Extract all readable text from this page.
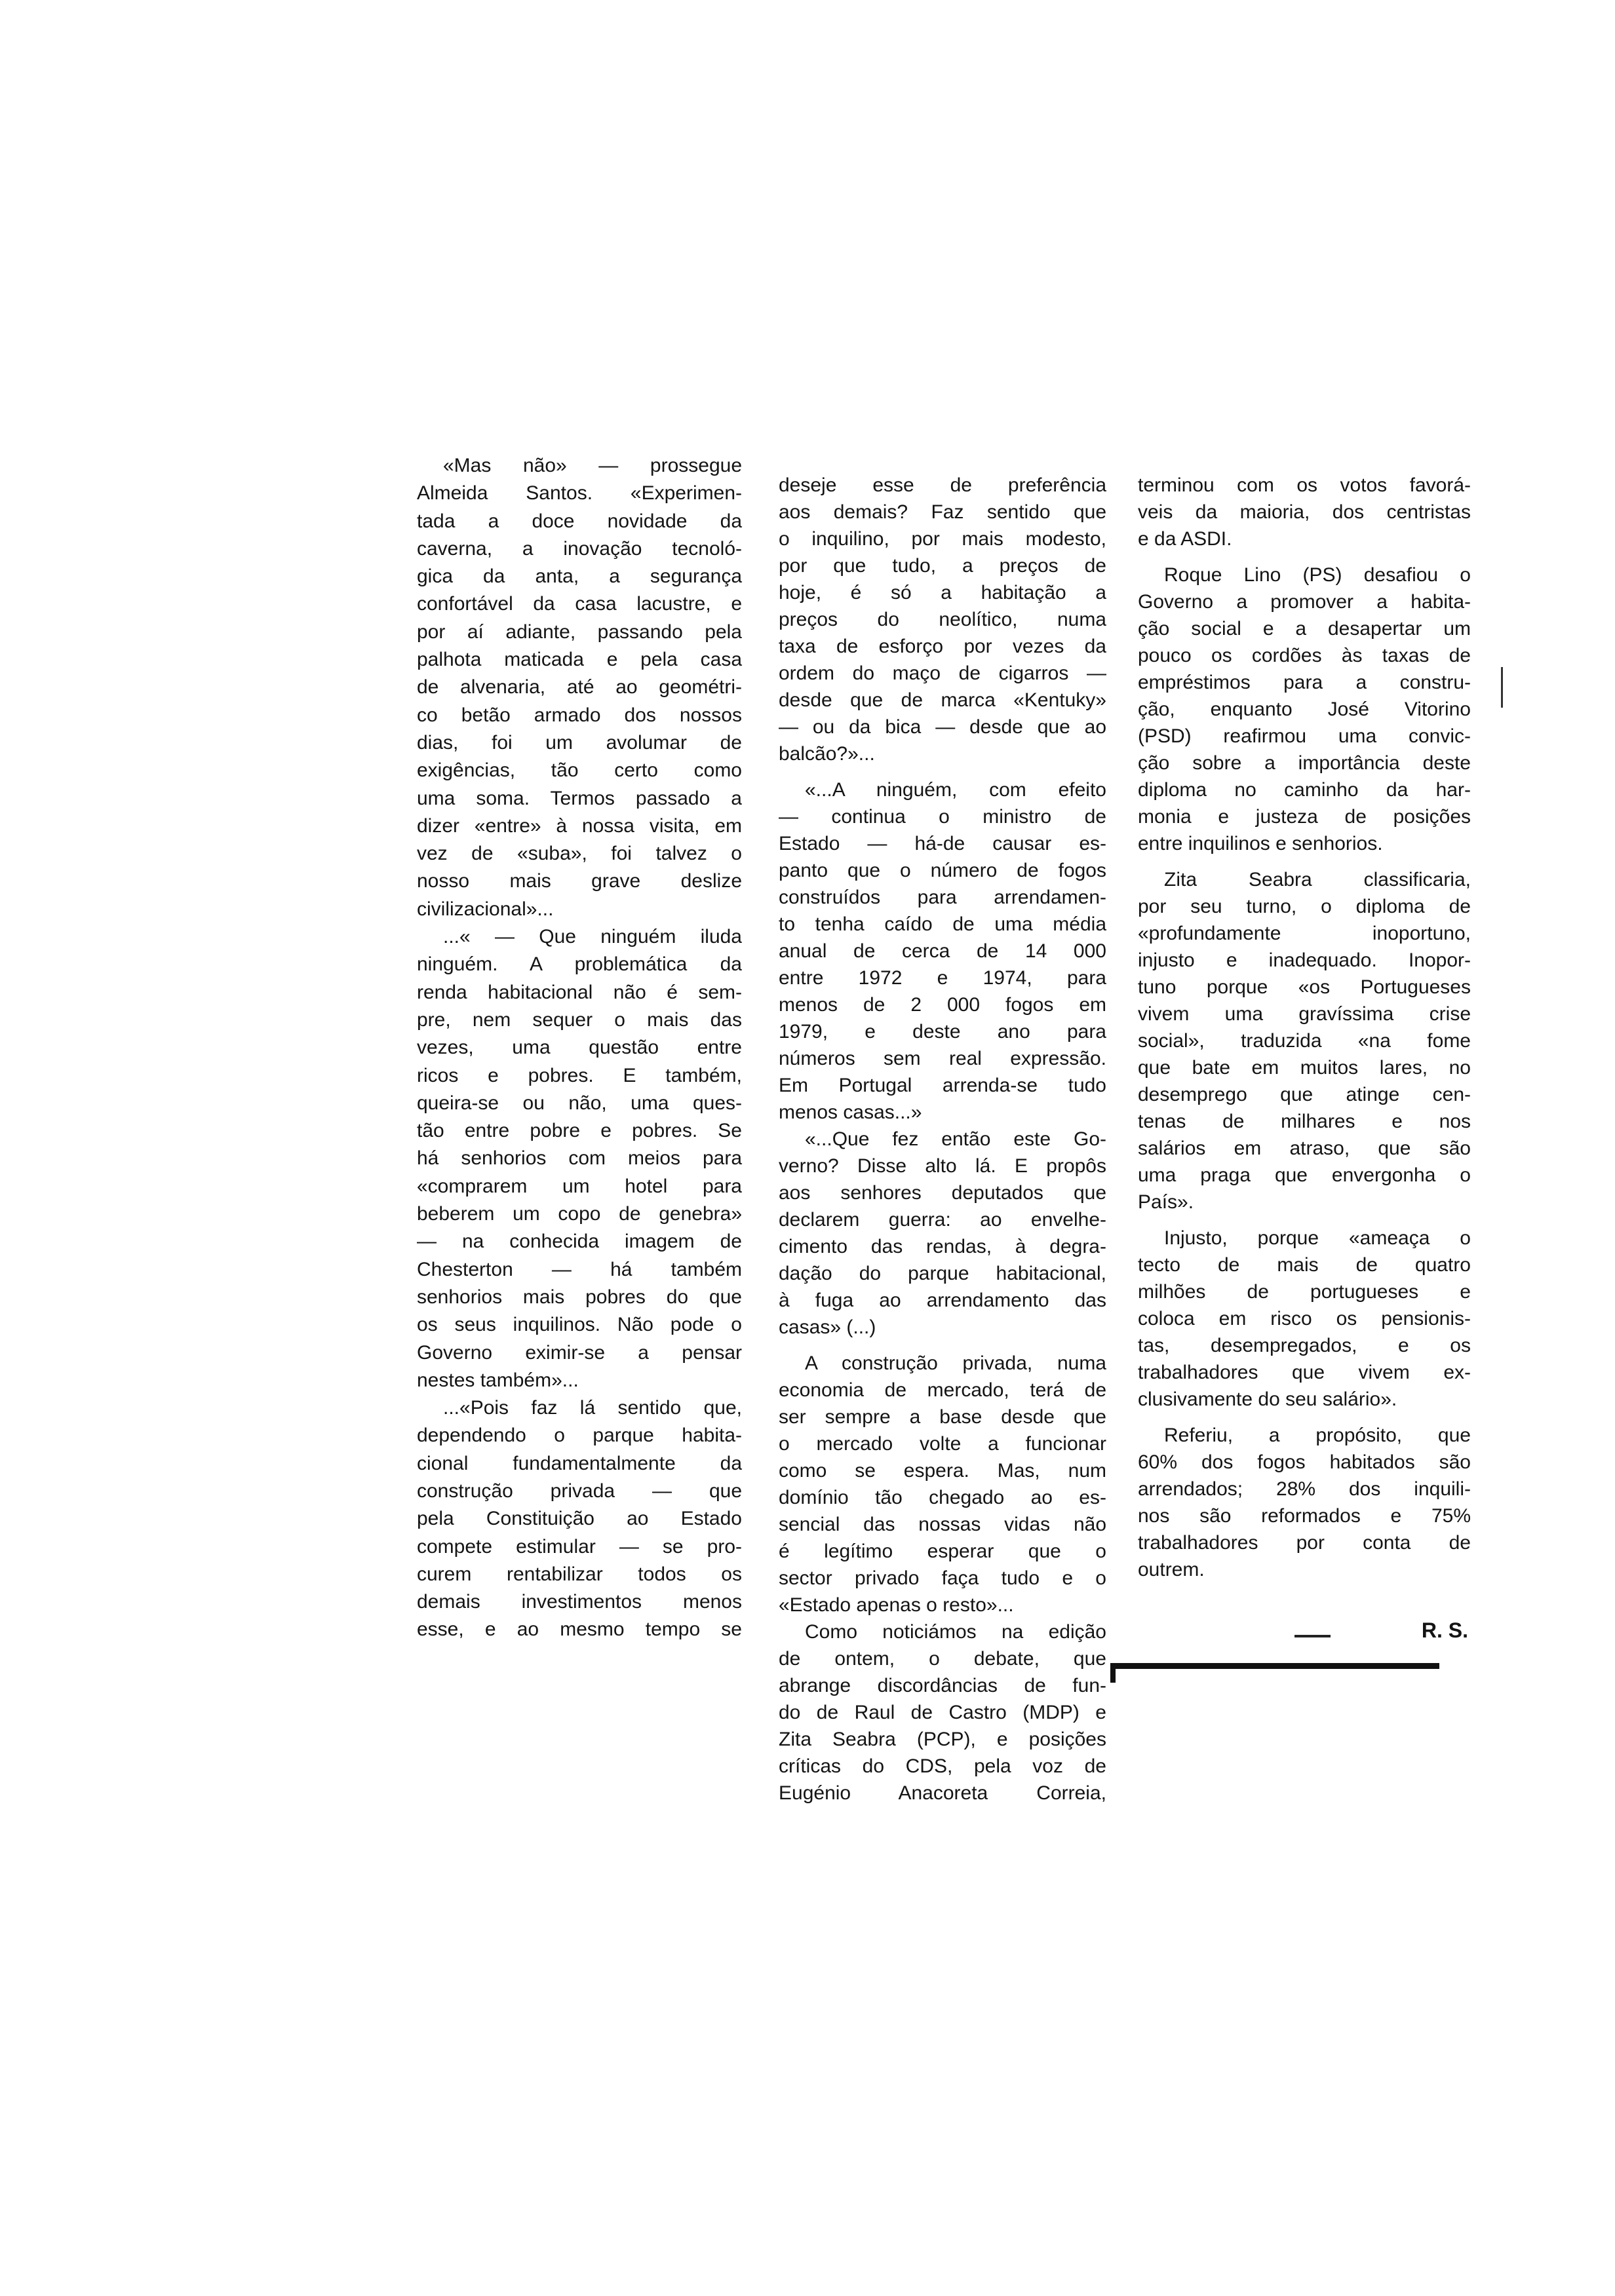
«Mas não» — prossegue
Almeida Santos. «Experimen-
tada a doce novidade da
caverna, a inovação tecnoló-
gica da anta, a segurança
confortável da casa lacustre, e
por aí adiante, passando pela
palhota maticada e pela casa
de alvenaria, até ao geométri-
co betão armado dos nossos
dias, foi um avolumar de
exigências, tão certo como
uma soma. Termos passado a
dizer «entre» à nossa visita, em
vez de «suba», foi talvez o
nosso mais grave deslize
civilizacional»...
...« — Que ninguém iluda
ninguém. A problemática da
renda habitacional não é sem-
pre, nem sequer o mais das
vezes, uma questão entre
ricos e pobres. E também,
queira-se ou não, uma ques-
tão entre pobre e pobres. Se
há senhorios com meios para
«comprarem um hotel para
beberem um copo de genebra»
— na conhecida imagem de
Chesterton — há também
senhorios mais pobres do que
os seus inquilinos. Não pode o
Governo eximir-se a pensar
nestes também»...
...«Pois faz lá sentido que,
dependendo o parque habita-
cional fundamentalmente da
construção privada — que
pela Constituição ao Estado
compete estimular — se pro-
curem rentabilizar todos os
demais investimentos menos
esse, e ao mesmo tempo se
deseje esse de preferência
aos demais? Faz sentido que
o inquilino, por mais modesto,
por que tudo, a preços de
hoje, é só a habitação a
preços do neolítico, numa
taxa de esforço por vezes da
ordem do maço de cigarros —
desde que de marca «Kentuky»
— ou da bica — desde que ao
balcão?»...
«...A ninguém, com efeito
— continua o ministro de
Estado — há-de causar es-
panto que o número de fogos
construídos para arrendamen-
to tenha caído de uma média
anual de cerca de 14 000
entre 1972 e 1974, para
menos de 2 000 fogos em
1979, e deste ano para
números sem real expressão.
Em Portugal arrenda-se tudo
menos casas...»
«...Que fez então este Go-
verno? Disse alto lá. E propôs
aos senhores deputados que
declarem guerra: ao envelhe-
cimento das rendas, à degra-
dação do parque habitacional,
à fuga ao arrendamento das
casas» (...)
A construção privada, numa
economia de mercado, terá de
ser sempre a base desde que
o mercado volte a funcionar
como se espera. Mas, num
domínio tão chegado ao es-
sencial das nossas vidas não
é legítimo esperar que o
sector privado faça tudo e o
«Estado apenas o resto»...
Como noticiámos na edição
de ontem, o debate, que
abrange discordâncias de fun-
do de Raul de Castro (MDP) e
Zita Seabra (PCP), e posições
críticas do CDS, pela voz de
Eugénio Anacoreta Correia,
terminou com os votos favorá-
veis da maioria, dos centristas
e da ASDI.
Roque Lino (PS) desafiou o
Governo a promover a habita-
ção social e a desapertar um
pouco os cordões às taxas de
empréstimos para a constru-
ção, enquanto José Vitorino
(PSD) reafirmou uma convic-
ção sobre a importância deste
diploma no caminho da har-
monia e justeza de posições
entre inquilinos e senhorios.
Zita Seabra classificaria,
por seu turno, o diploma de
«profundamente inoportuno,
injusto e inadequado. Inopor-
tuno porque «os Portugueses
vivem uma gravíssima crise
social», traduzida «na fome
que bate em muitos lares, no
desemprego que atinge cen-
tenas de milhares e nos
salários em atraso, que são
uma praga que envergonha o
País».
Injusto, porque «ameaça o
tecto de mais de quatro
milhões de portugueses e
coloca em risco os pensionis-
tas, desempregados, e os
trabalhadores que vivem ex-
clusivamente do seu salário».
Referiu, a propósito, que
60% dos fogos habitados são
arrendados; 28% dos inquili-
nos são reformados e 75%
trabalhadores por conta de
outrem.
R. S.
